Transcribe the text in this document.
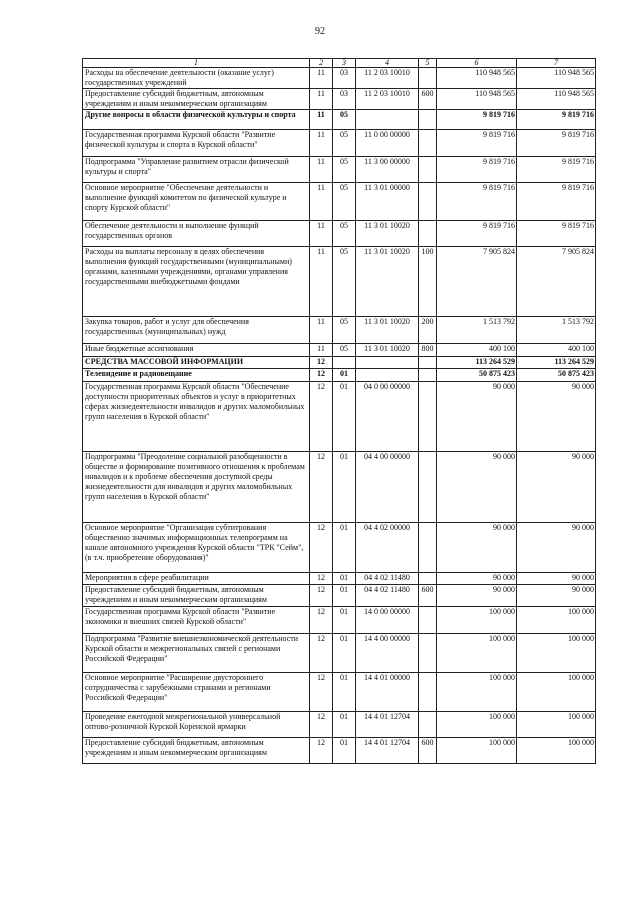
92
1	2	3	4	5	6	7
Расходы на обеспечение деятельности (оказание услуг) государственных учреждений	11	03	11 2 03 10010		110 948 565	110 948 565
Предоставление субсидий бюджетным, автономным учреждениям и иным некоммерческим организациям	11	03	11 2 03 10010	600	110 948 565	110 948 565
Другие вопросы в области физической культуры и спорта	11	05			9 819 716	9 819 716
Государственная программа Курской области "Развитие физической культуры и спорта в Курской области"	11	05	11 0 00 00000		9 819 716	9 819 716
Подпрограмма "Управление развитием отрасли физической культуры и спорта"	11	05	11 3 00 00000		9 819 716	9 819 716
Основное мероприятие "Обеспечение деятельности и выполнение функций комитетом по физической культуре и спорту Курской области"	11	05	11 3 01 00000		9 819 716	9 819 716
Обеспечение деятельности и выполнение функций государственных органов	11	05	11 3 01 10020		9 819 716	9 819 716
Расходы на выплаты персоналу в целях обеспечения выполнения функций государственными (муниципальными) органами, казенными учреждениями, органами управления государственными внебюджетными фондами	11	05	11 3 01 10020	100	7 905 824	7 905 824
Закупка товаров, работ и услуг для обеспечения государственных (муниципальных) нужд	11	05	11 3 01 10020	200	1 513 792	1 513 792
Иные бюджетные ассигнования	11	05	11 3 01 10020	800	400 100	400 100
СРЕДСТВА МАССОВОЙ ИНФОРМАЦИИ	12				113 264 529	113 264 529
Телевидение и радиовещание	12	01			50 875 423	50 875 423
Государственная программа Курской области "Обеспечение доступности приоритетных объектов и услуг в приоритетных сферах жизнедеятельности инвалидов и других маломобильных групп населения в Курской области"	12	01	04 0 00 00000		90 000	90 000
Подпрограмма "Преодоление социальной разобщенности в обществе и формирование позитивного отношения к проблемам инвалидов и к проблеме обеспечения доступной среды жизнедеятельности для инвалидов и других маломобильных групп населения в Курской области"	12	01	04 4 00 00000		90 000	90 000
Основное мероприятие "Организация субтитрования общественно значимых информационных телепрограмм на канале автономного учреждения Курской области "ТРК "Сейм", (в т.ч. приобретение оборудования)"	12	01	04 4 02 00000		90 000	90 000
Мероприятия в сфере реабилитации	12	01	04 4 02 11480		90 000	90 000
Предоставление субсидий бюджетным, автономным учреждениям и иным некоммерческим организациям	12	01	04 4 02 11480	600	90 000	90 000
Государственная программа Курской области "Развитие экономики и внешних связей Курской области"	12	01	14 0 00 00000		100 000	100 000
Подпрограмма "Развитие внешнеэкономической деятельности Курской области и межрегиональных связей с регионами Российской Федерации"	12	01	14 4 00 00000		100 000	100 000
Основное мероприятие "Расширение двустороннего сотрудничества с зарубежными странами и регионами Российской Федерации"	12	01	14 4 01 00000		100 000	100 000
Проведение ежегодной межрегиональной универсальной оптово-розничной Курской Коренской ярмарки	12	01	14 4 01 12704		100 000	100 000
Предоставление субсидий бюджетным, автономным учреждениям и иным некоммерческим организациям	12	01	14 4 01 12704	600	100 000	100 000
